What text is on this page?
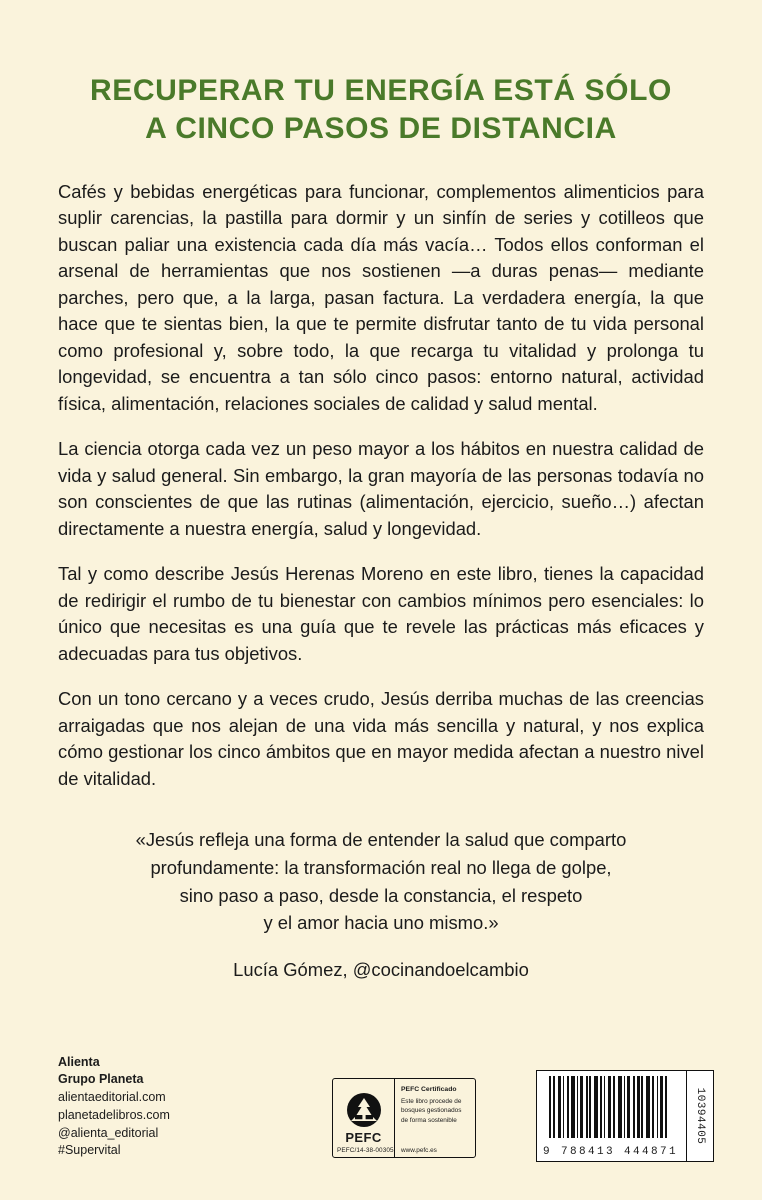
RECUPERAR TU ENERGÍA ESTÁ SÓLO
A CINCO PASOS DE DISTANCIA

Cafés y bebidas energéticas para funcionar, complementos alimenticios para suplir carencias, la pastilla para dormir y un sinfín de series y cotilleos que buscan paliar una existencia cada día más vacía… Todos ellos conforman el arsenal de herramientas que nos sostienen —a duras penas— mediante parches, pero que, a la larga, pasan factura. La verdadera energía, la que hace que te sientas bien, la que te permite disfrutar tanto de tu vida personal como profesional y, sobre todo, la que recarga tu vitalidad y prolonga tu longevidad, se encuentra a tan sólo cinco pasos: entorno natural, actividad física, alimentación, relaciones sociales de calidad y salud mental.

La ciencia otorga cada vez un peso mayor a los hábitos en nuestra calidad de vida y salud general. Sin embargo, la gran mayoría de las personas todavía no son conscientes de que las rutinas (alimentación, ejercicio, sueño…) afectan directamente a nuestra energía, salud y longevidad.

Tal y como describe Jesús Herenas Moreno en este libro, tienes la capacidad de redirigir el rumbo de tu bienestar con cambios mínimos pero esenciales: lo único que necesitas es una guía que te revele las prácticas más eficaces y adecuadas para tus objetivos.

Con un tono cercano y a veces crudo, Jesús derriba muchas de las creencias arraigadas que nos alejan de una vida más sencilla y natural, y nos explica cómo gestionar los cinco ámbitos que en mayor medida afectan a nuestro nivel de vitalidad.

«Jesús refleja una forma de entender la salud que comparto

profundamente: la transformación real no llega de golpe,

sino paso a paso, desde la constancia, el respeto

y el amor hacia uno mismo.»

Lucía Gómez, @cocinandoelcambio
Alienta
Grupo Planeta
alientaeditorial.com
planetadelibros.com
@alienta_editorial
#Supervital
PEFC
PEFC/14-38-00305
PEFC Certificado
Este libro procede de bosques gestionados de forma sostenible
www.pefc.es	9 788413 444871
10394405
